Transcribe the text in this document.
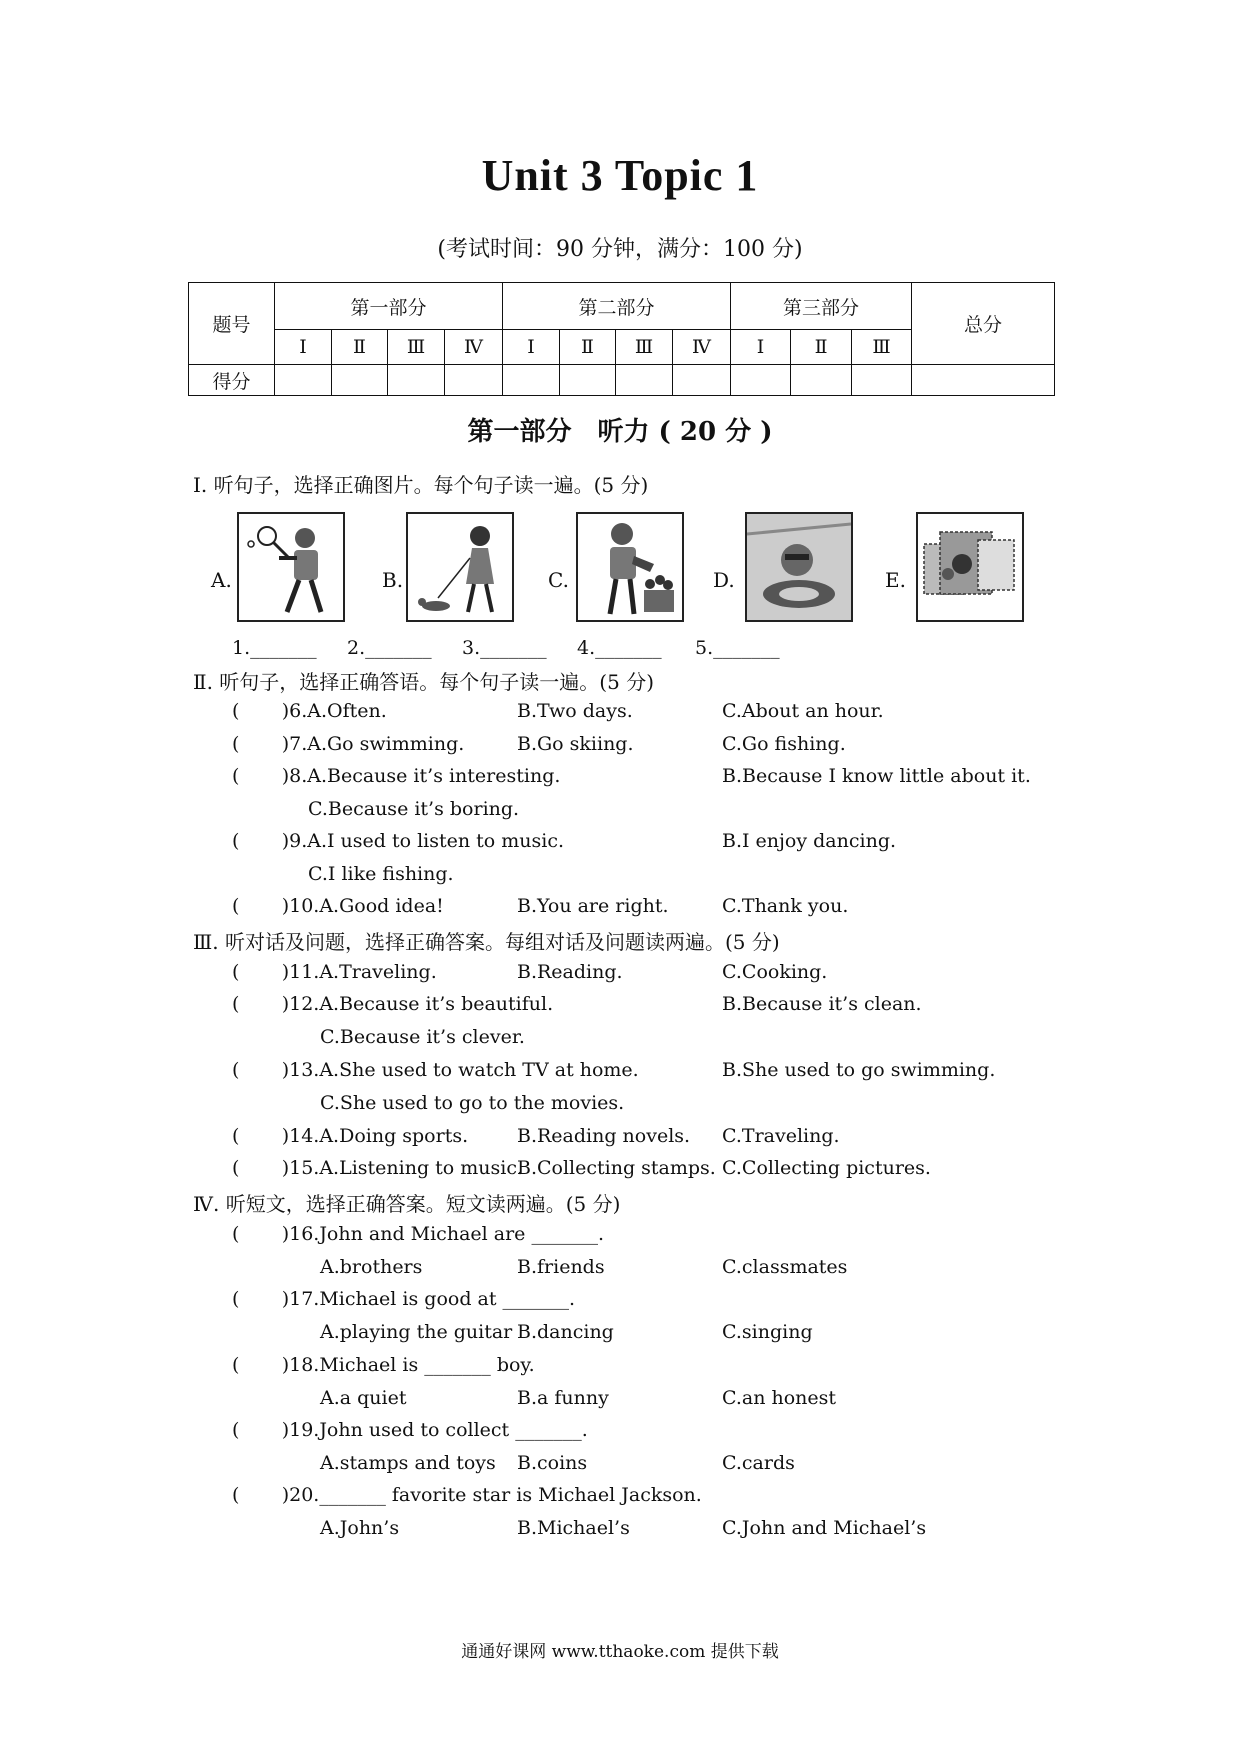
Unit 3 Topic 1
(考试时间：90 分钟，满分：100 分)
题号	第一部分				第二部分				第三部分			总分
	Ⅰ	Ⅱ	Ⅲ	Ⅳ	Ⅰ	Ⅱ	Ⅲ	Ⅳ	Ⅰ	Ⅱ	Ⅲ	
得分												
第一部分　听力 ( 20 分 )
Ⅰ. 听句子，选择正确图片。每个句子读一遍。(5 分)
A.	B.	C.	D.	E.
1._______ 2._______ 3._______ 4._______ 5._______
Ⅱ. 听句子，选择正确答语。每个句子读一遍。(5 分)
(       )6.A.Often.	B.Two days.	C.About an hour.
(       )7.A.Go swimming.	B.Go skiing.	C.Go fishing.
(       )8.A.Because it’s interesting.	B.Because I know little about it.
C.Because it’s boring.
(       )9.A.I used to listen to music.	B.I enjoy dancing.
C.I like fishing.
(       )10.A.Good idea!	B.You are right.	C.Thank you.
Ⅲ. 听对话及问题，选择正确答案。每组对话及问题读两遍。(5 分)
(       )11.A.Traveling.	B.Reading.	C.Cooking.
(       )12.A.Because it’s beautiful.	B.Because it’s clean.
C.Because it’s clever.
(       )13.A.She used to watch TV at home.	B.She used to go swimming.
C.She used to go to the movies.
(       )14.A.Doing sports.	B.Reading novels. C.Traveling.
(       )15.A.Listening to music.
B.Collecting stamps. C.Collecting pictures.
Ⅳ. 听短文，选择正确答案。短文读两遍。(5 分)
(       )16.John and Michael are _______.
A.brothers	B.friends	C.classmates
(       )17.Michael is good at _______.
A.playing the guitar B.dancing	C.singing
(       )18.Michael is _______ boy.
A.a quiet	B.a funny	C.an honest
(       )19.John used to collect _______.
A.stamps and toys B.coins	C.cards
(       )20._______ favorite star is Michael Jackson.
A.John’s	B.Michael’s	C.John and Michael’s
通通好课网 www.tthaoke.com 提供下载
